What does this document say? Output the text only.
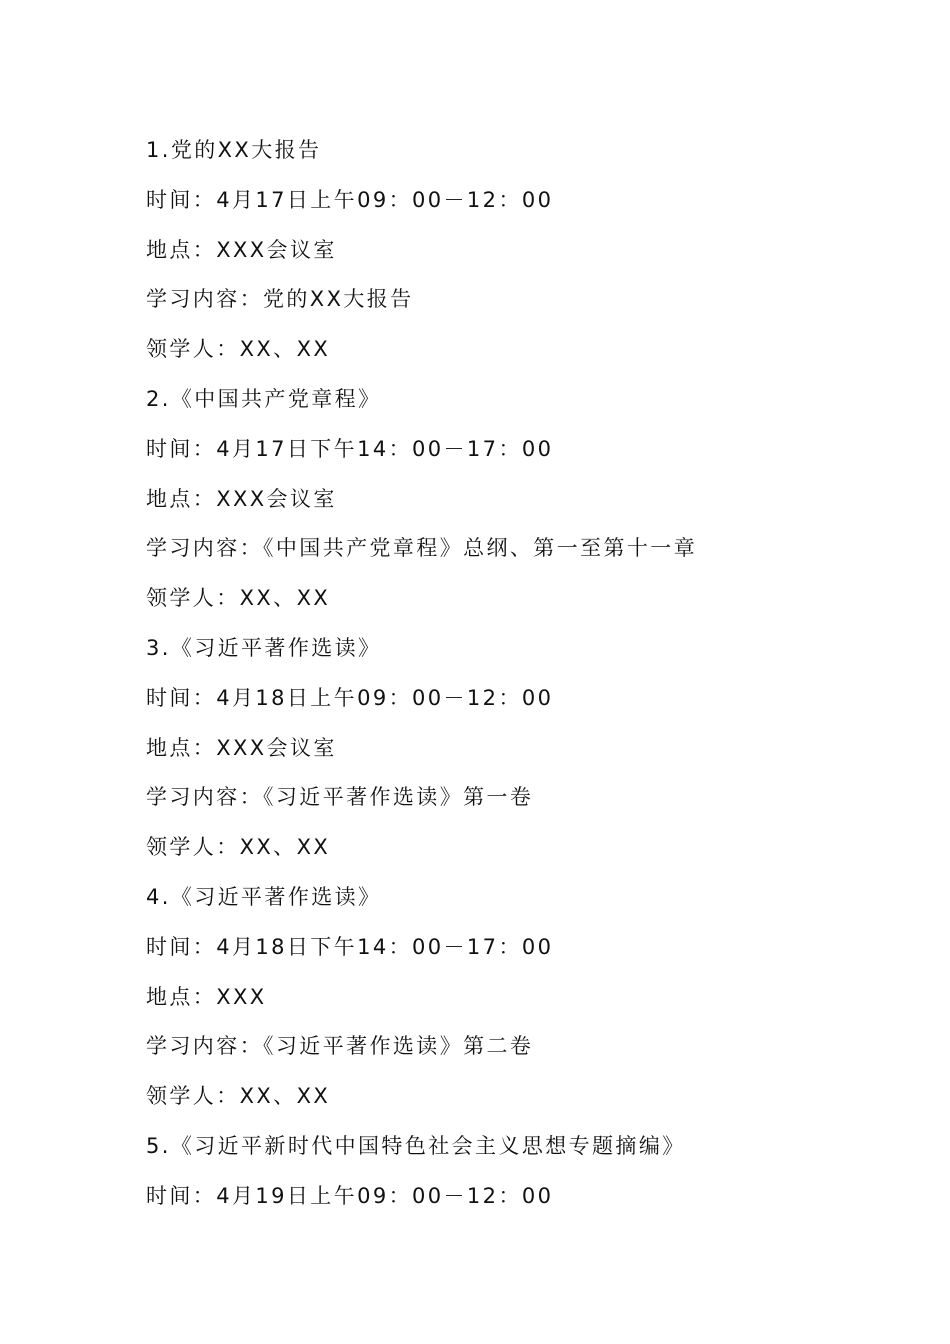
1.党的XX大报告
时间：4月17日上午09：00－12：00
地点：XXX会议室
学习内容：党的XX大报告
领学人：XX、XX
2.《中国共产党章程》
时间：4月17日下午14：00－17：00
地点：XXX会议室
学习内容：《中国共产党章程》总纲、第一至第十一章
领学人：XX、XX
3.《习近平著作选读》
时间：4月18日上午09：00－12：00
地点：XXX会议室
学习内容：《习近平著作选读》第一卷
领学人：XX、XX
4.《习近平著作选读》
时间：4月18日下午14：00－17：00
地点：XXX
学习内容：《习近平著作选读》第二卷
领学人：XX、XX
5.《习近平新时代中国特色社会主义思想专题摘编》
时间：4月19日上午09：00－12：00
